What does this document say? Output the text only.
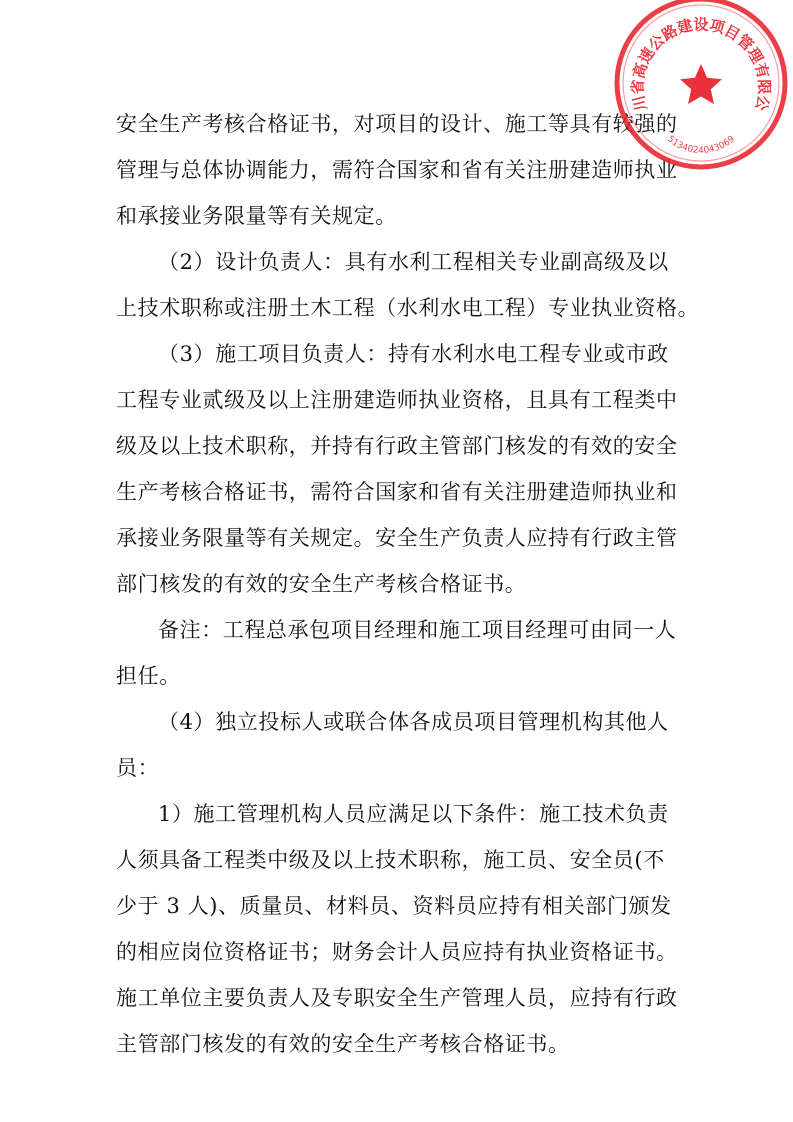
安全生产考核合格证书，对项目的设计、施工等具有较强的
管理与总体协调能力，需符合国家和省有关注册建造师执业
和承接业务限量等有关规定。
（2）设计负责人：具有水利工程相关专业副高级及以
上技术职称或注册土木工程（水利水电工程）专业执业资格。
（3）施工项目负责人：持有水利水电工程专业或市政
工程专业贰级及以上注册建造师执业资格，且具有工程类中
级及以上技术职称，并持有行政主管部门核发的有效的安全
生产考核合格证书，需符合国家和省有关注册建造师执业和
承接业务限量等有关规定。安全生产负责人应持有行政主管
部门核发的有效的安全生产考核合格证书。
备注：工程总承包项目经理和施工项目经理可由同一人
担任。
（4）独立投标人或联合体各成员项目管理机构其他人
员：
1）施工管理机构人员应满足以下条件：施工技术负责
人须具备工程类中级及以上技术职称，施工员、安全员(不
少于 3 人)、质量员、材料员、资料员应持有相关部门颁发
的相应岗位资格证书；财务会计人员应持有执业资格证书。
施工单位主要负责人及专职安全生产管理人员，应持有行政
主管部门核发的有效的安全生产考核合格证书。
川省高速公路建设项目管理有限公
5134024043069
